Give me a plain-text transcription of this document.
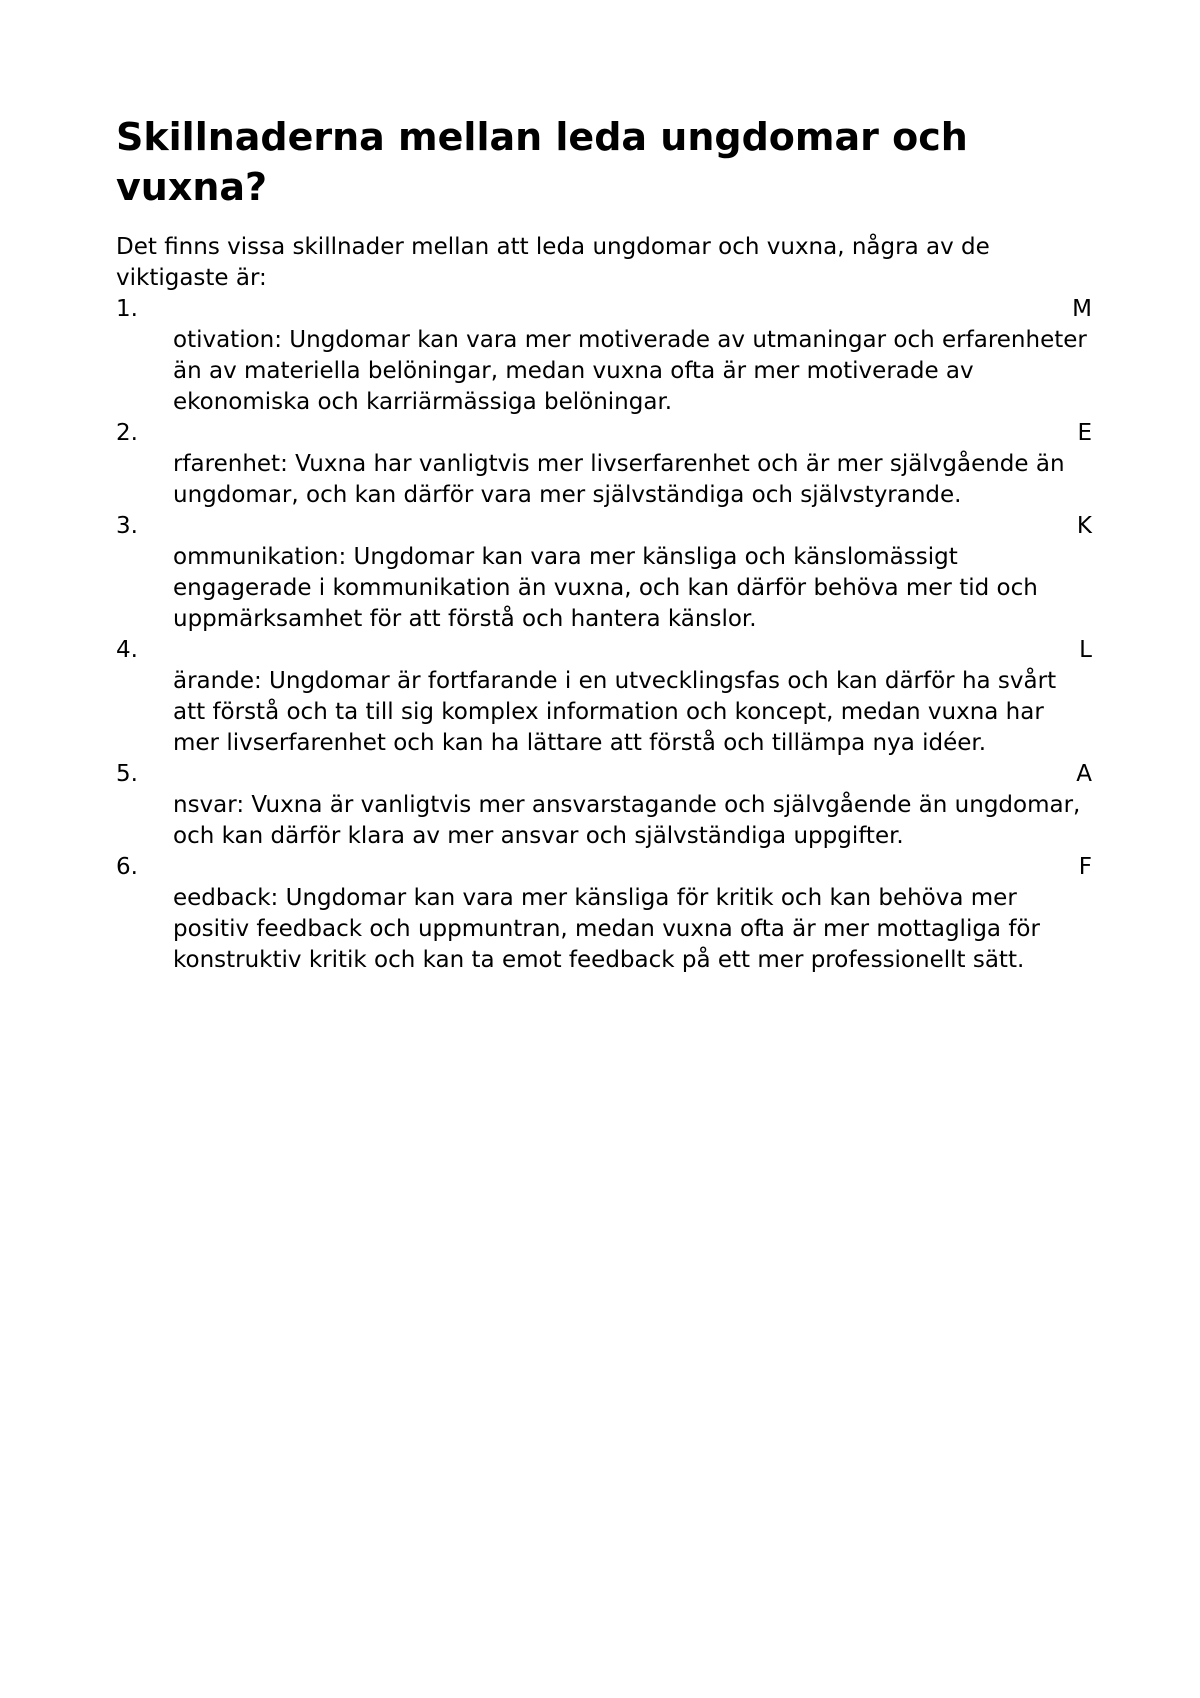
Skillnaderna mellan leda ungdomar och vuxna?

Det finns vissa skillnader mellan att leda ungdomar och vuxna, några av de viktigaste är:

1.	M
otivation: Ungdomar kan vara mer motiverade av utmaningar och erfarenheter än av materiella belöningar, medan vuxna ofta är mer motiverade av ekonomiska och karriärmässiga belöningar.
2.	E
rfarenhet: Vuxna har vanligtvis mer livserfarenhet och är mer självgående än ungdomar, och kan därför vara mer självständiga och självstyrande.
3.	K
ommunikation: Ungdomar kan vara mer känsliga och känslomässigt engagerade i kommunikation än vuxna, och kan därför behöva mer tid och uppmärksamhet för att förstå och hantera känslor.
4.	L
ärande: Ungdomar är fortfarande i en utvecklingsfas och kan därför ha svårt att förstå och ta till sig komplex information och koncept, medan vuxna har mer livserfarenhet och kan ha lättare att förstå och tillämpa nya idéer.
5.	A
nsvar: Vuxna är vanligtvis mer ansvarstagande och självgående än ungdomar, och kan därför klara av mer ansvar och självständiga uppgifter.
6.	F
eedback: Ungdomar kan vara mer känsliga för kritik och kan behöva mer positiv feedback och uppmuntran, medan vuxna ofta är mer mottagliga för konstruktiv kritik och kan ta emot feedback på ett mer professionellt sätt.
